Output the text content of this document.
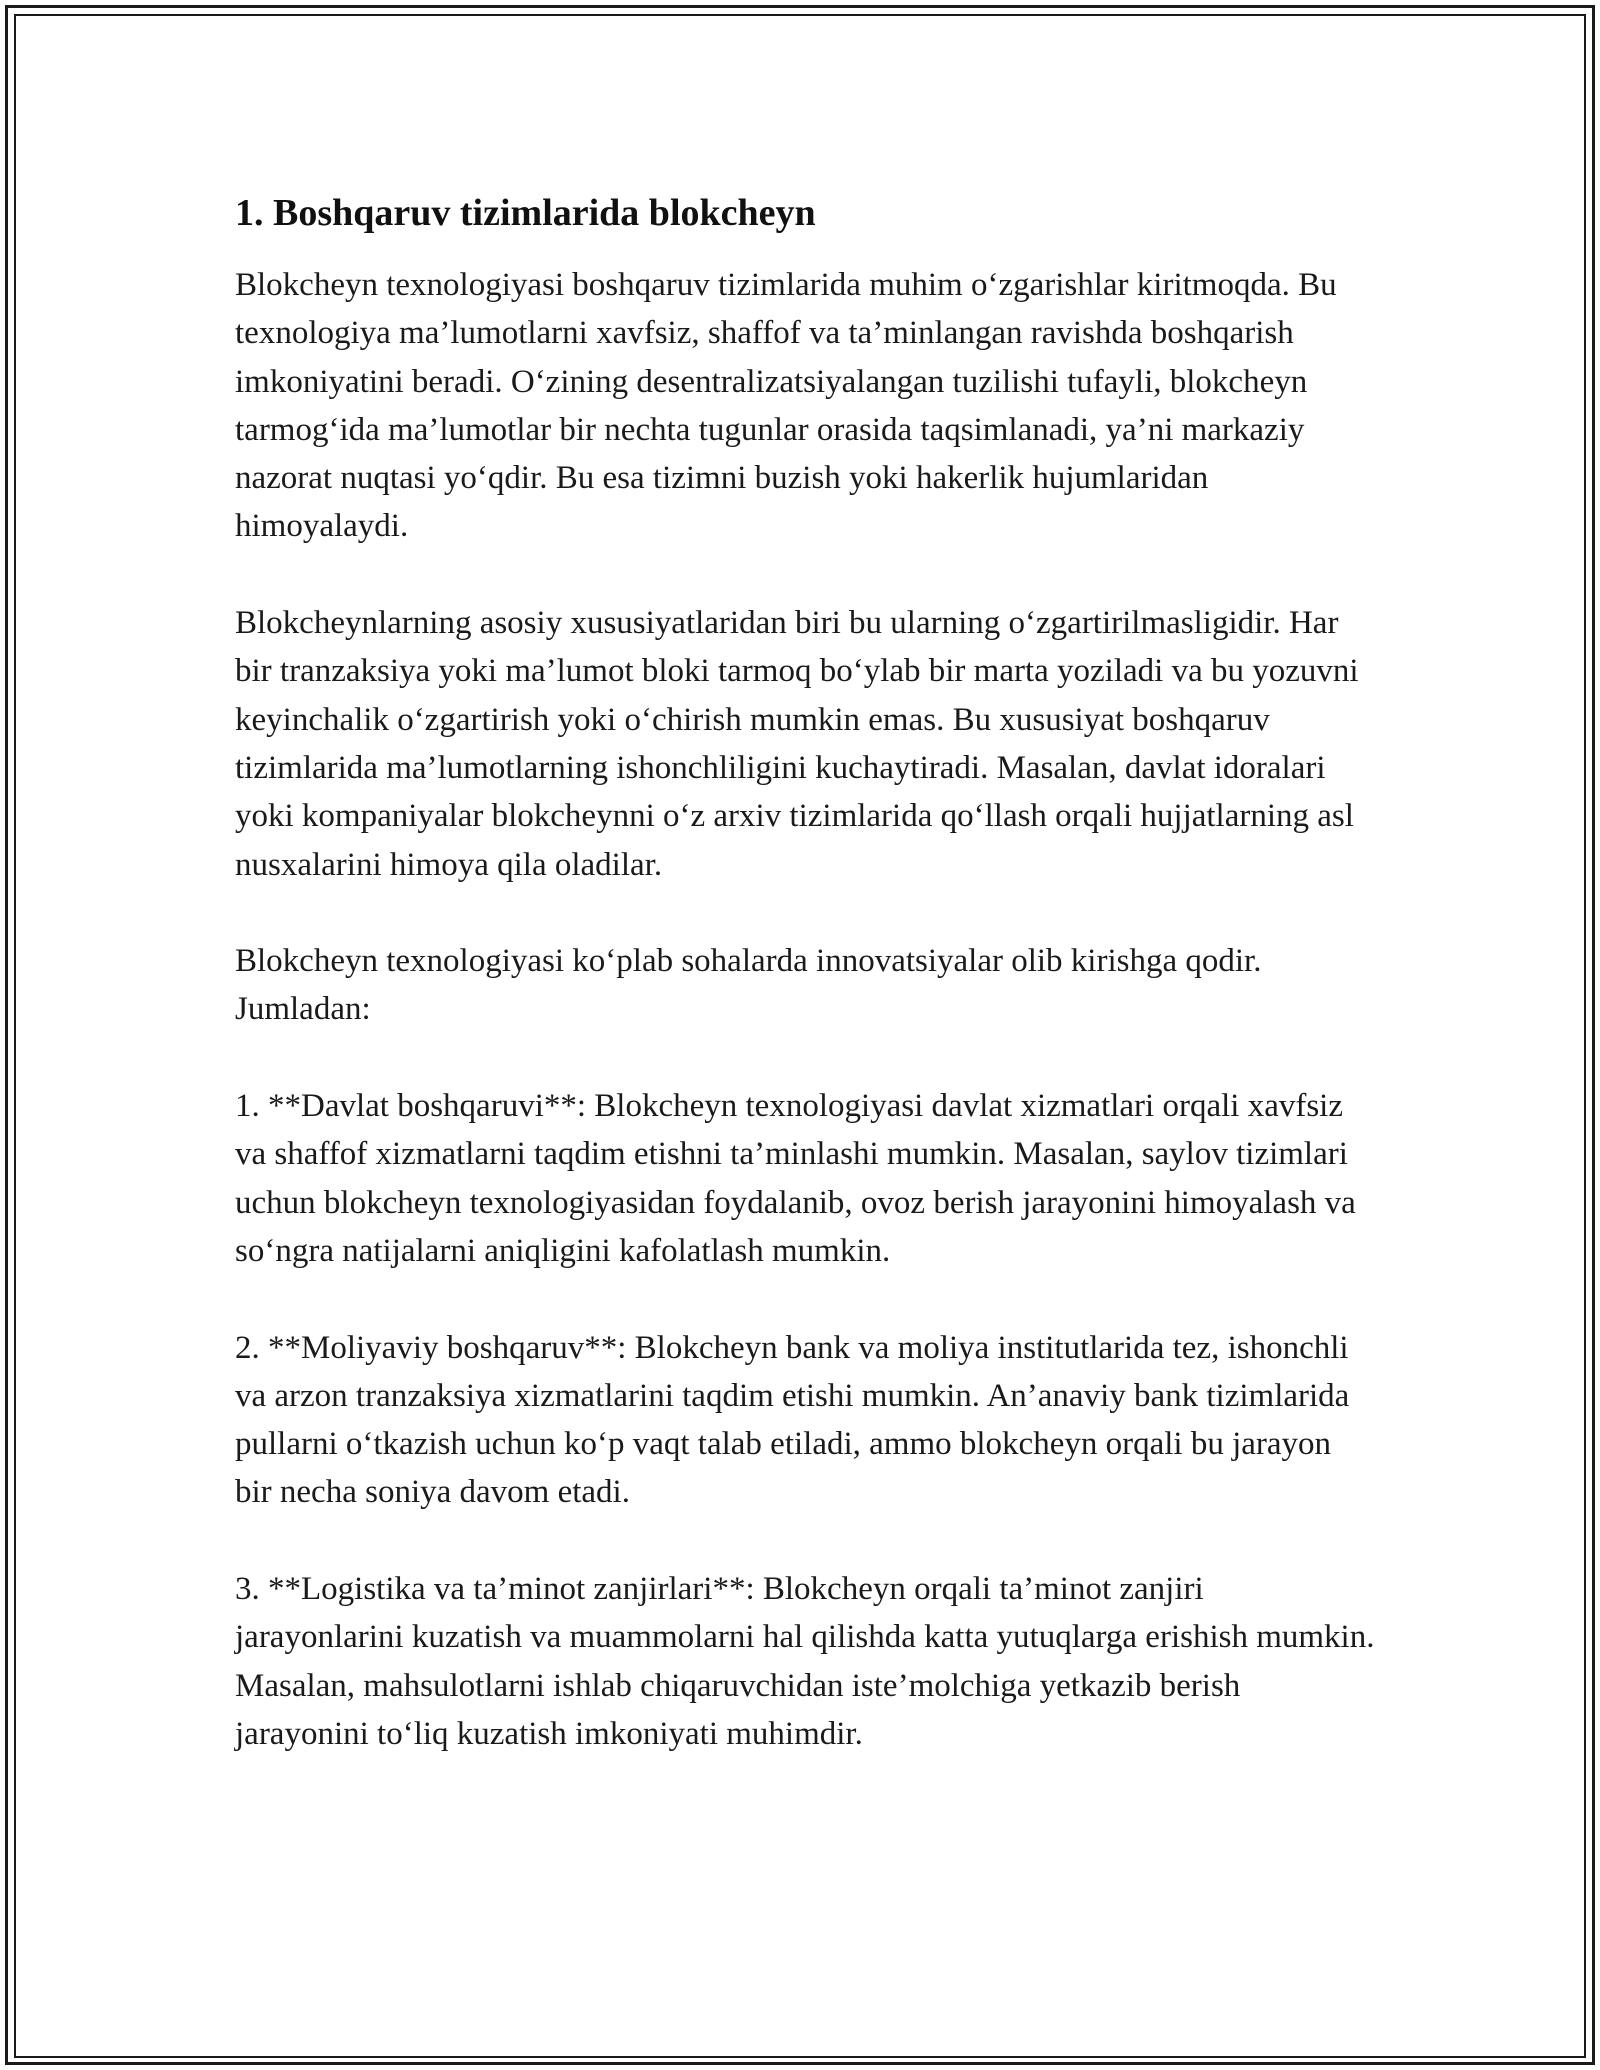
1. Boshqaruv tizimlarida blokcheyn

Blokcheyn texnologiyasi boshqaruv tizimlarida muhim o‘zgarishlar kiritmoqda. Bu texnologiya ma’lumotlarni xavfsiz, shaffof va ta’minlangan ravishda boshqarish imkoniyatini beradi. O‘zining desentralizatsiyalangan tuzilishi tufayli, blokcheyn tarmog‘ida ma’lumotlar bir nechta tugunlar orasida taqsimlanadi, ya’ni markaziy nazorat nuqtasi yo‘qdir. Bu esa tizimni buzish yoki hakerlik hujumlaridan himoyalaydi.

Blokcheynlarning asosiy xususiyatlaridan biri bu ularning o‘zgartirilmasligidir. Har bir tranzaksiya yoki ma’lumot bloki tarmoq bo‘ylab bir marta yoziladi va bu yozuvni keyinchalik o‘zgartirish yoki o‘chirish mumkin emas. Bu xususiyat boshqaruv tizimlarida ma’lumotlarning ishonchliligini kuchaytiradi. Masalan, davlat idoralari yoki kompaniyalar blokcheynni o‘z arxiv tizimlarida qo‘llash orqali hujjatlarning asl nusxalarini himoya qila oladilar.

Blokcheyn texnologiyasi ko‘plab sohalarda innovatsiyalar olib kirishga qodir. Jumladan:

1. **Davlat boshqaruvi**: Blokcheyn texnologiyasi davlat xizmatlari orqali xavfsiz va shaffof xizmatlarni taqdim etishni ta’minlashi mumkin. Masalan, saylov tizimlari uchun blokcheyn texnologiyasidan foydalanib, ovoz berish jarayonini himoyalash va so‘ngra natijalarni aniqligini kafolatlash mumkin.

2. **Moliyaviy boshqaruv**: Blokcheyn bank va moliya institutlarida tez, ishonchli va arzon tranzaksiya xizmatlarini taqdim etishi mumkin. An’anaviy bank tizimlarida pullarni o‘tkazish uchun ko‘p vaqt talab etiladi, ammo blokcheyn orqali bu jarayon bir necha soniya davom etadi.

3. **Logistika va ta’minot zanjirlari**: Blokcheyn orqali ta’minot zanjiri jarayonlarini kuzatish va muammolarni hal qilishda katta yutuqlarga erishish mumkin. Masalan, mahsulotlarni ishlab chiqaruvchidan iste’molchiga yetkazib berish jarayonini to‘liq kuzatish imkoniyati muhimdir.
